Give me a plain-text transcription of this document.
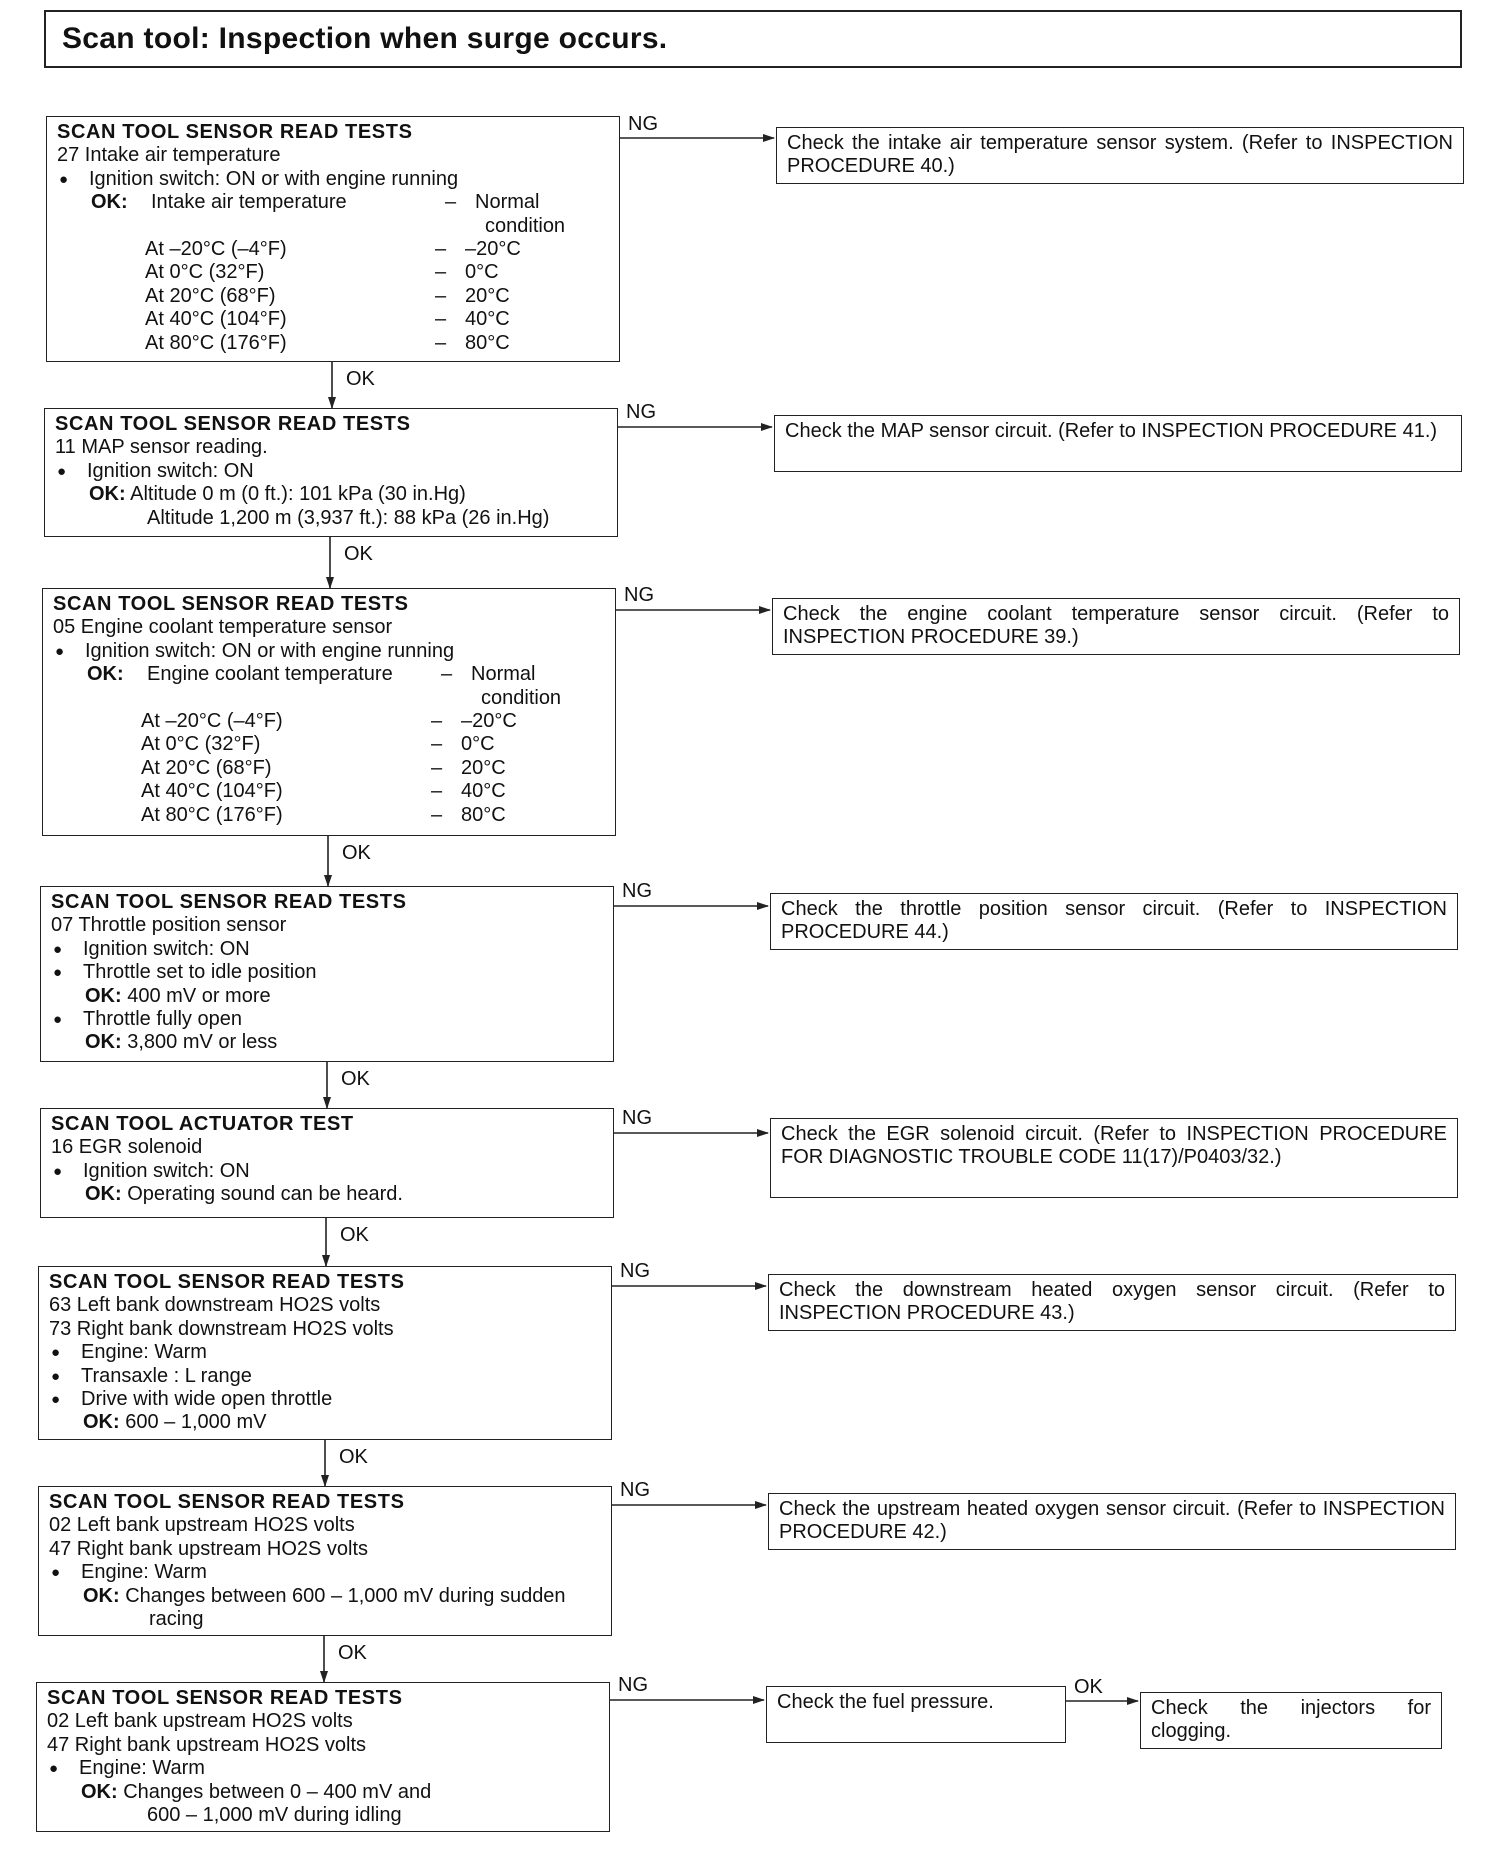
Scan tool: Inspection when surge occurs.
NG
NG
NG
NG
NG
NG
NG
NG
OK
OK
OK
OK
OK
OK
OK
OK
SCAN TOOL SENSOR READ TESTS
27 Intake air temperature
● Ignition switch: ON or with engine running
OK:	Intake air temperature	– Normal
condition
At –20°C (–4°F)	– –20°C
At 0°C (32°F)	– 0°C
At 20°C (68°F)	– 20°C
At 40°C (104°F)	– 40°C
At 80°C (176°F)	– 80°C
Check the intake air temperature sensor system. (Refer to INSPECTION PROCEDURE 40.)
SCAN TOOL SENSOR READ TESTS
11 MAP sensor reading.
● Ignition switch: ON
OK: Altitude 0 m (0 ft.): 101 kPa (30 in.Hg)
Altitude 1,200 m (3,937 ft.): 88 kPa (26 in.Hg)
Check the MAP sensor circuit. (Refer to INSPECTION PROCEDURE 41.)
SCAN TOOL SENSOR READ TESTS
05 Engine coolant temperature sensor
● Ignition switch: ON or with engine running
OK:	Engine coolant temperature	– Normal
condition
At –20°C (–4°F)	– –20°C
At 0°C (32°F)	– 0°C
At 20°C (68°F)	– 20°C
At 40°C (104°F)	– 40°C
At 80°C (176°F)	– 80°C
Check the engine coolant temperature sensor circuit. (Refer to INSPECTION PROCEDURE 39.)
SCAN TOOL SENSOR READ TESTS
07 Throttle position sensor
● Ignition switch: ON
● Throttle set to idle position
OK: 400 mV or more
● Throttle fully open
OK: 3,800 mV or less
Check the throttle position sensor circuit. (Refer to INSPECTION PROCEDURE 44.)
SCAN TOOL ACTUATOR TEST
16 EGR solenoid
● Ignition switch: ON
OK: Operating sound can be heard.
Check the EGR solenoid circuit. (Refer to INSPECTION PROCEDURE FOR DIAGNOSTIC TROUBLE CODE 11(17)/P0403/32.)
SCAN TOOL SENSOR READ TESTS
63 Left bank downstream HO2S volts
73 Right bank downstream HO2S volts
● Engine: Warm
● Transaxle : L range
● Drive with wide open throttle
OK: 600 – 1,000 mV
Check the downstream heated oxygen sensor circuit. (Refer to INSPECTION PROCEDURE 43.)
SCAN TOOL SENSOR READ TESTS
02 Left bank upstream HO2S volts
47 Right bank upstream HO2S volts
● Engine: Warm
OK: Changes between 600 – 1,000 mV during sudden
racing
Check the upstream heated oxygen sensor circuit. (Refer to INSPECTION PROCEDURE 42.)
SCAN TOOL SENSOR READ TESTS
02 Left bank upstream HO2S volts
47 Right bank upstream HO2S volts
● Engine: Warm
OK: Changes between 0 – 400 mV and
600 – 1,000 mV during idling
Check the fuel pressure.	Check the injectors for clogging.
